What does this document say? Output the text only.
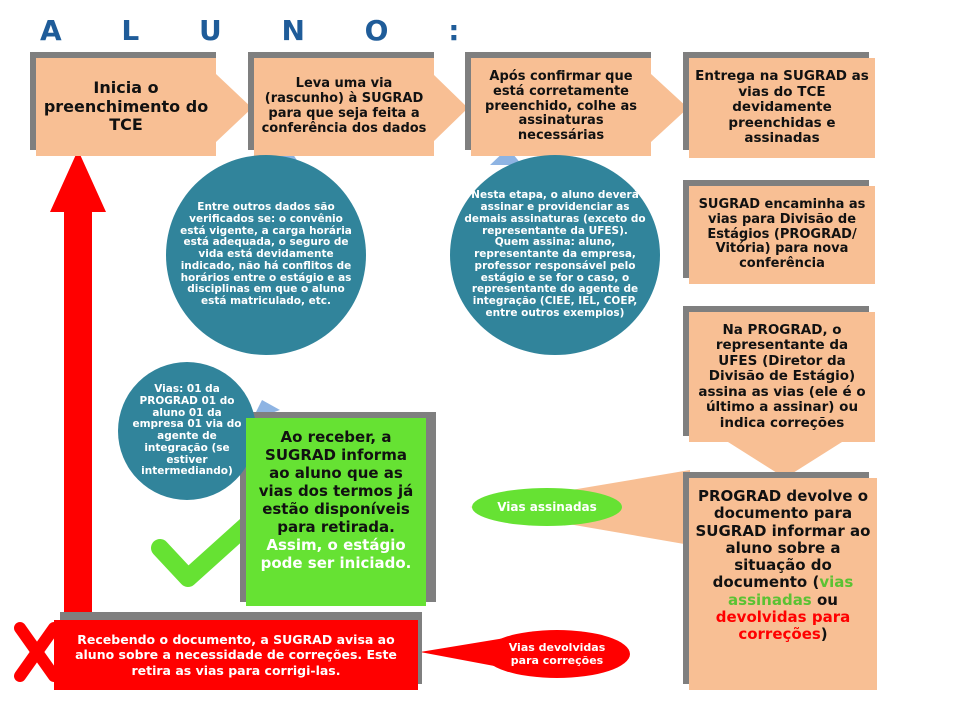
A L U N O :
Inicia o preenchimento do TCE
Leva uma via (rascunho) à SUGRAD para que seja feita a conferência dos dados
Após confirmar que está corretamente preenchido, colhe as assinaturas necessárias
Entrega na SUGRAD as vias do TCE devidamente preenchidas e assinadas
SUGRAD encaminha as vias para Divisão de Estágios (PROGRAD/ Vitória) para nova conferência
Na PROGRAD, o representante da UFES (Diretor da Divisão de Estágio) assina as vias (ele é o último a assinar) ou indica correções
PROGRAD devolve o documento para SUGRAD informar ao aluno sobre a situação do documento (vias assinadas ou devolvidas para correções)
Entre outros dados são verificados se: o convênio está vigente, a carga horária está adequada, o seguro de vida está devidamente indicado, não há conflitos de horários entre o estágio e as disciplinas em que o aluno está matriculado, etc.
Nesta etapa, o aluno deverá assinar e providenciar as demais assinaturas (exceto do representante da UFES). Quem assina: aluno, representante da empresa, professor responsável pelo estágio e se for o caso, o representante do agente de integração (CIEE, IEL, COEP, entre outros exemplos)
Vias: 01 da PROGRAD 01 do aluno 01 da empresa 01 via do agente de integração (se estiver intermediando)
Ao receber, a SUGRAD informa ao aluno que as vias dos termos já estão disponíveis para retirada. Assim, o estágio pode ser iniciado.
Vias assinadas
Recebendo o documento, a SUGRAD avisa ao aluno sobre a necessidade de correções. Este retira as vias para corrigi-las.
Vias devolvidas para correções
